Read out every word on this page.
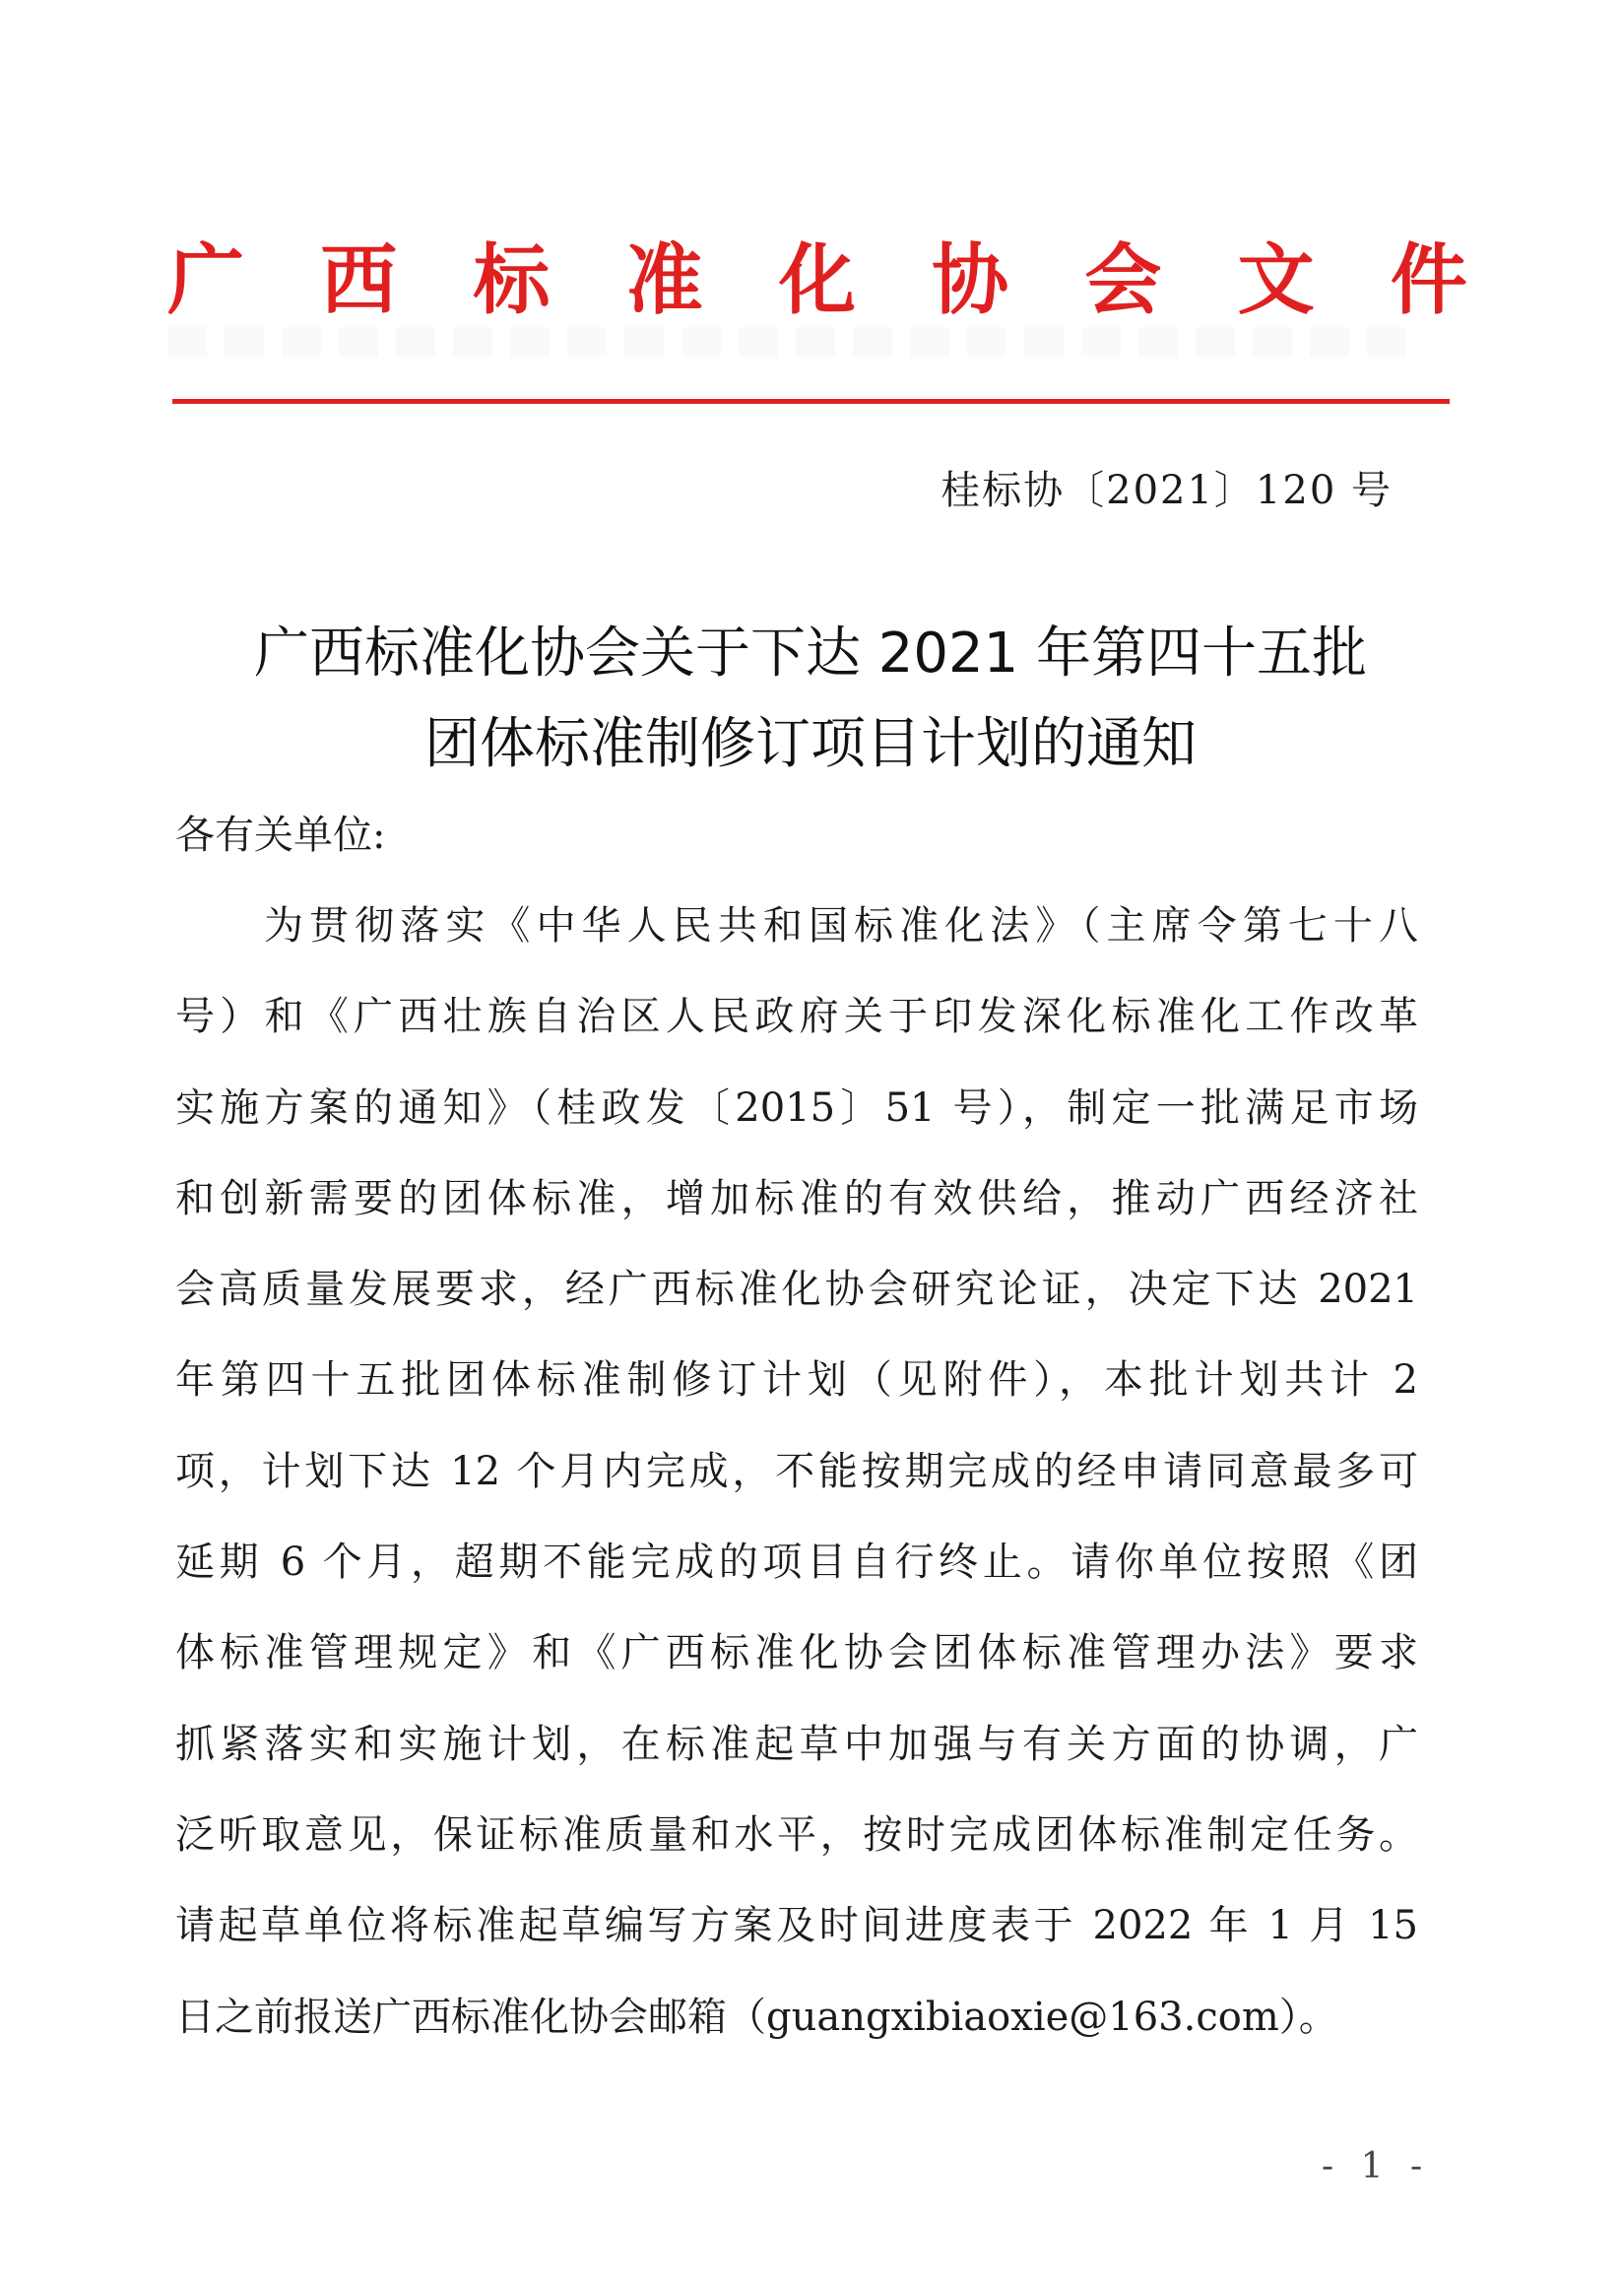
广 西 标 准 化 协 会 文 件
桂标协〔2021〕120 号
广西标准化协会关于下达 2021 年第四十五批
团体标准制修订项目计划的通知
各有关单位:
为贯彻落实《中华人民共和国标准化法》（主席令第七十八
号）和《广西壮族自治区人民政府关于印发深化标准化工作改革
实施方案的通知》（桂政发〔2015〕51 号），制定一批满足市场
和创新需要的团体标准，增加标准的有效供给，推动广西经济社
会高质量发展要求，经广西标准化协会研究论证，决定下达 2021
年第四十五批团体标准制修订计划（见附件），本批计划共计 2
项，计划下达 12 个月内完成，不能按期完成的经申请同意最多可
延期 6 个月，超期不能完成的项目自行终止。请你单位按照《团
体标准管理规定》和《广西标准化协会团体标准管理办法》要求
抓紧落实和实施计划，在标准起草中加强与有关方面的协调，广
泛听取意见，保证标准质量和水平，按时完成团体标准制定任务。
请起草单位将标准起草编写方案及时间进度表于 2022 年 1 月 15
日之前报送广西标准化协会邮箱（guangxibiaoxie@163.com）。
- 1 -
